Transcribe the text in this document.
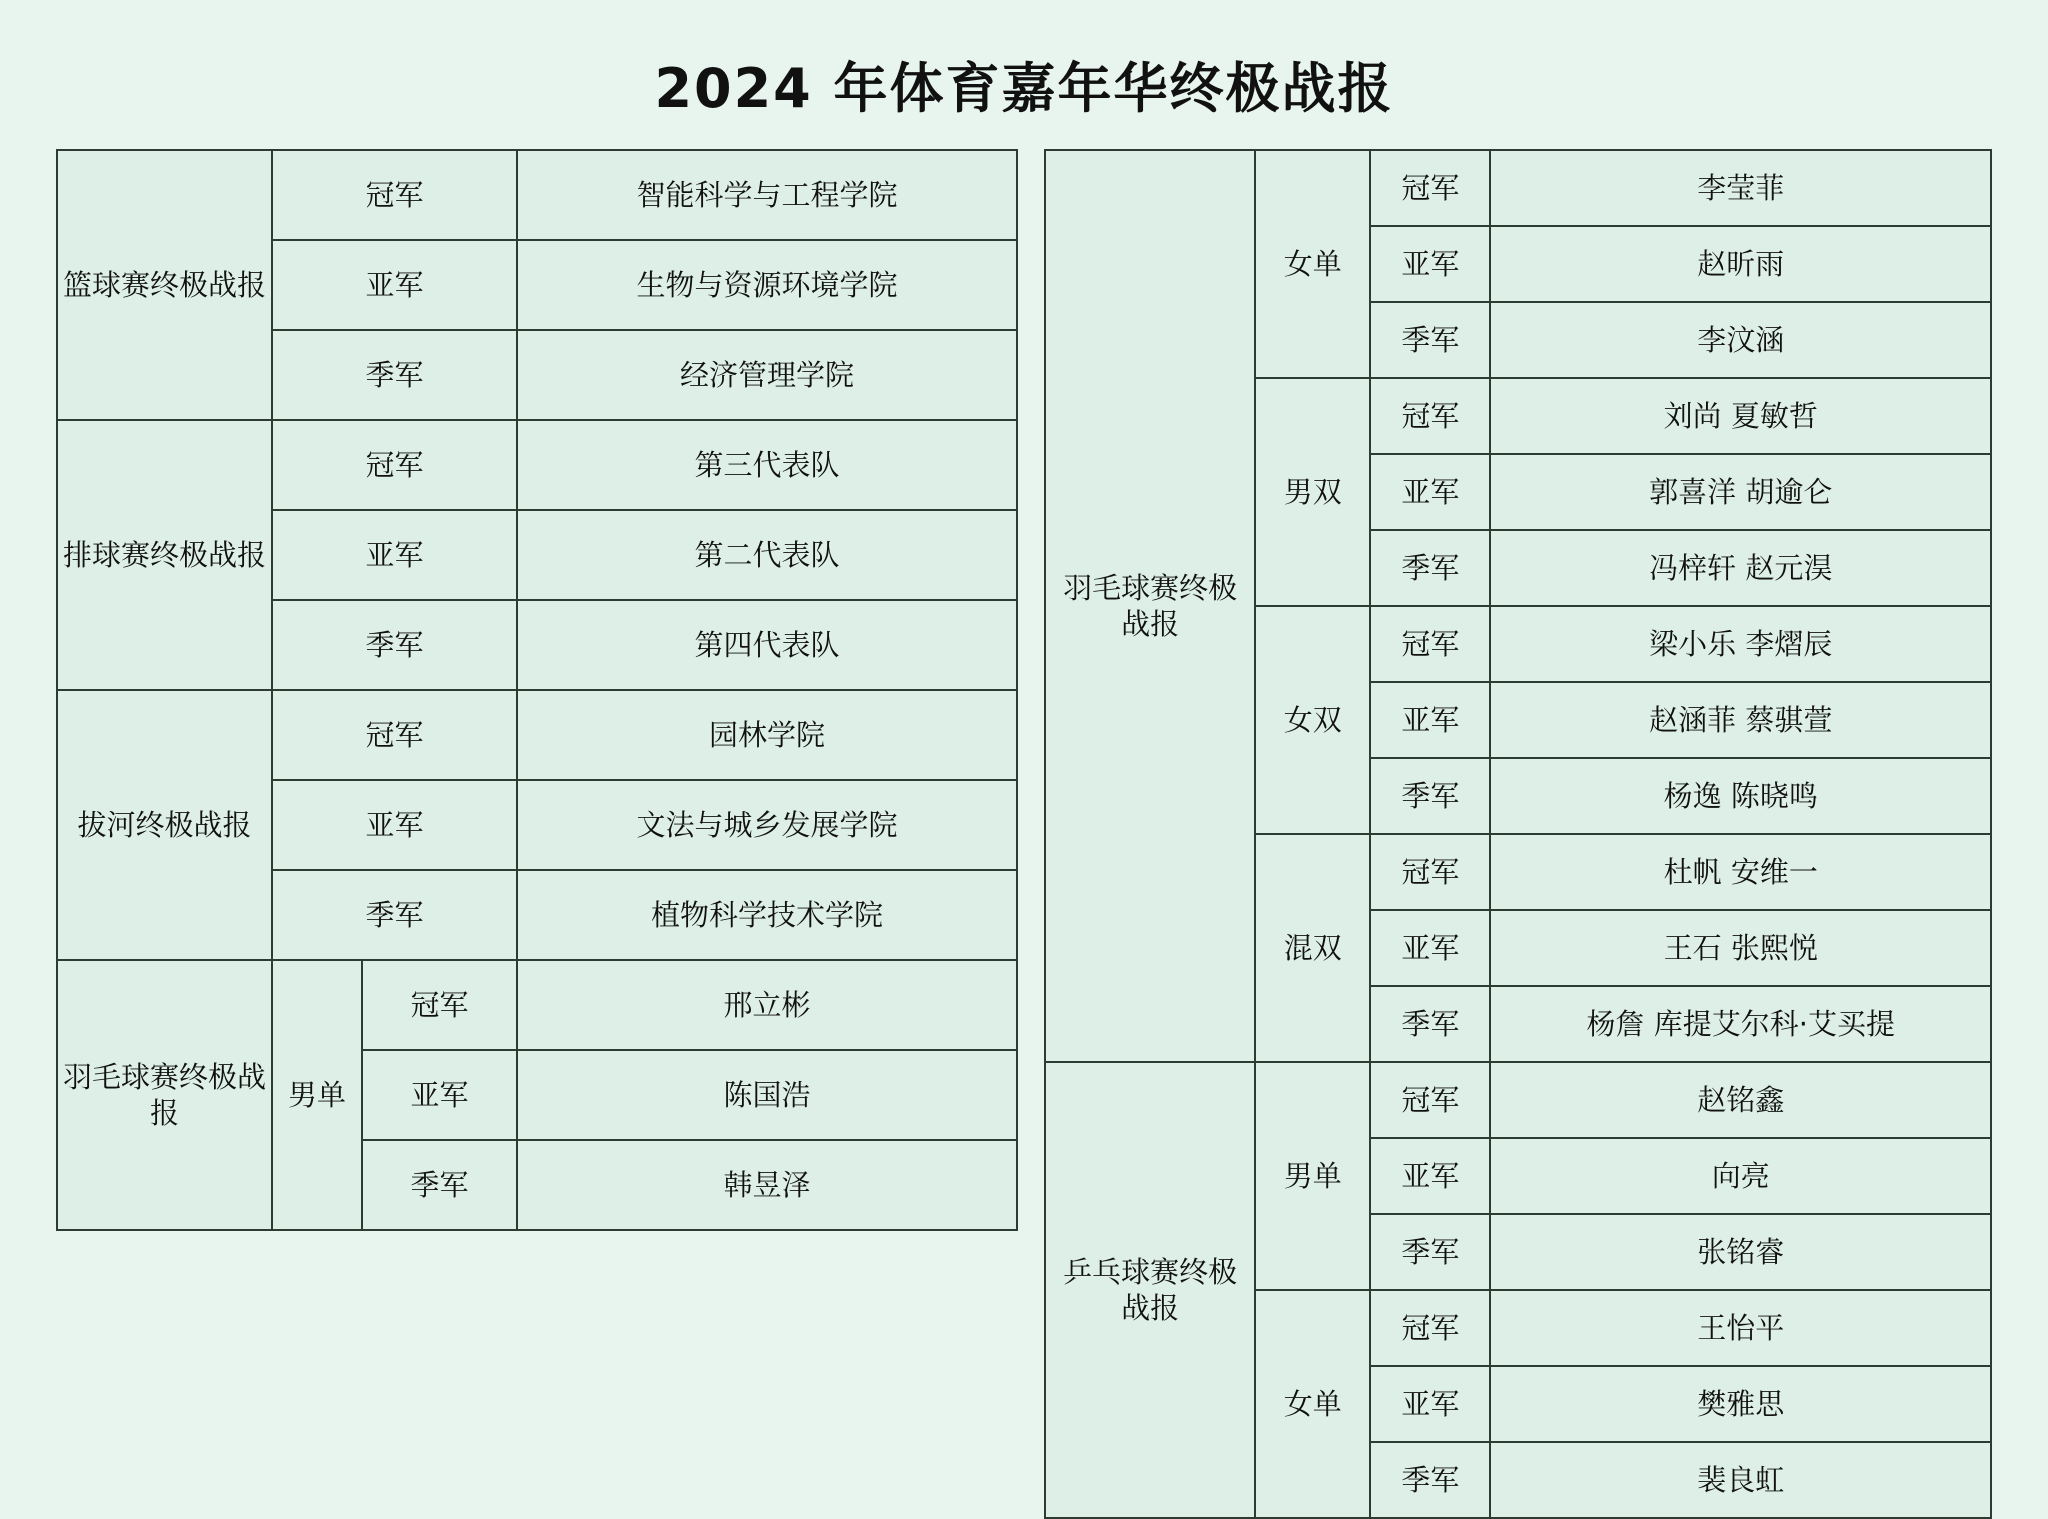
2024 年体育嘉年华终极战报
篮球赛终极战报	冠军		智能科学与工程学院
	亚军		生物与资源环境学院
	季军		经济管理学院
排球赛终极战报	冠军		第三代表队
	亚军		第二代表队
	季军		第四代表队
拔河终极战报	冠军		园林学院
	亚军		文法与城乡发展学院
	季军		植物科学技术学院
羽毛球赛终极战报	男单	冠军	邢立彬
		亚军	陈国浩
		季军	韩昱泽
羽毛球赛终极战报	女单	冠军	李莹菲
		亚军	赵昕雨
		季军	李汶涵
	男双	冠军	刘尚 夏敏哲
		亚军	郭喜洋 胡逾仑
		季军	冯梓轩 赵元淏
	女双	冠军	梁小乐 李熠辰
		亚军	赵涵菲 蔡骐萱
		季军	杨逸 陈晓鸣
	混双	冠军	杜帆 安维一
		亚军	王石 张熙悦
		季军	杨詹 库提艾尔科·艾买提
乒乓球赛终极战报	男单	冠军	赵铭鑫
		亚军	向亮
		季军	张铭睿
	女单	冠军	王怡平
		亚军	樊雅思
		季军	裴良虹
